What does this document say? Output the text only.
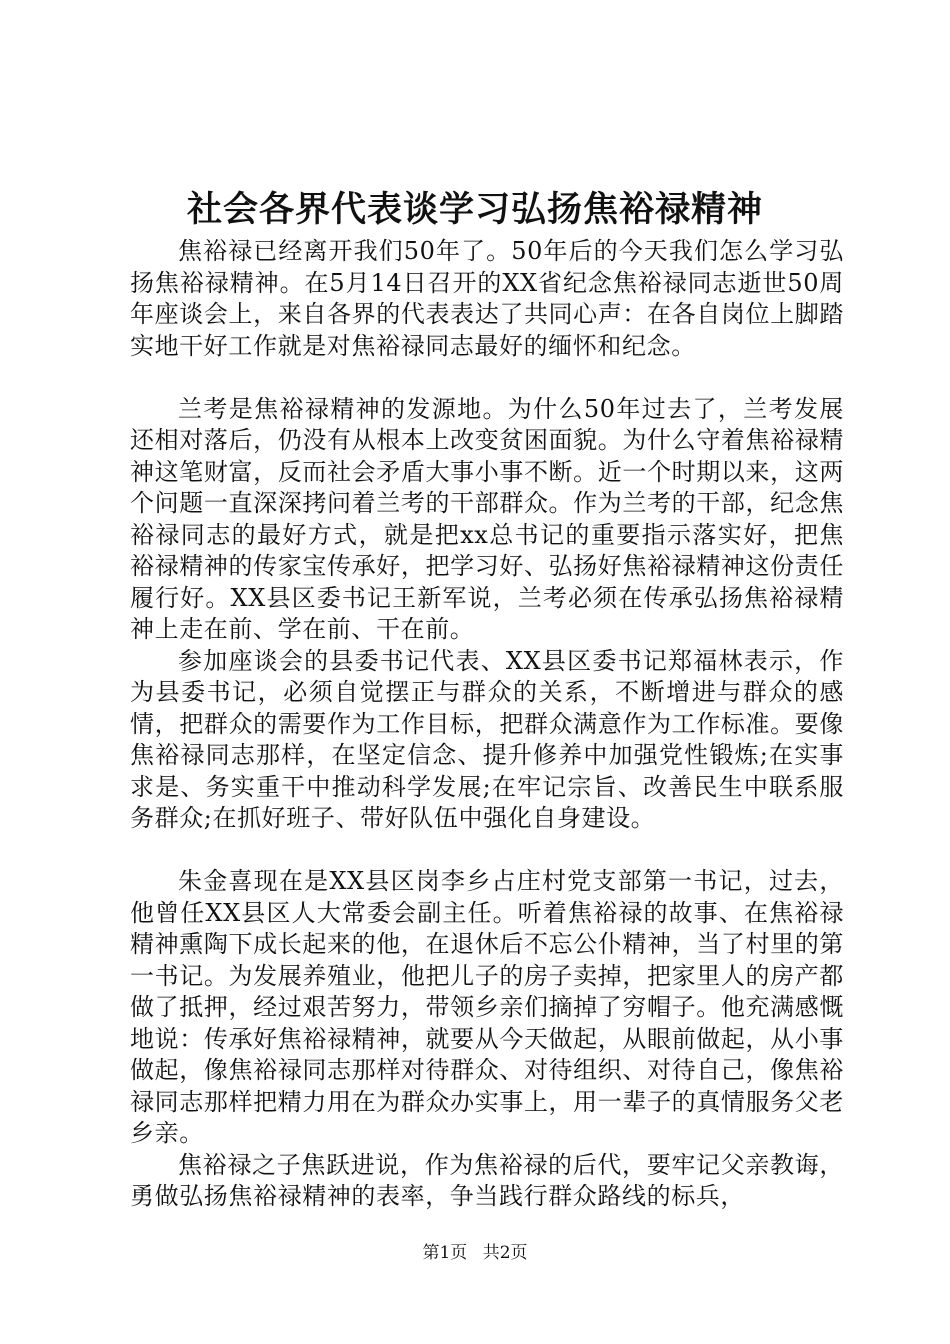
社会各界代表谈学习弘扬焦裕禄精神

焦裕禄已经离开我们50年了。50年后的今天我们怎么学习弘扬焦裕禄精神。在5月14日召开的XX省纪念焦裕禄同志逝世50周年座谈会上，来自各界的代表表达了共同心声：在各自岗位上脚踏实地干好工作就是对焦裕禄同志最好的缅怀和纪念。

兰考是焦裕禄精神的发源地。为什么50年过去了，兰考发展还相对落后，仍没有从根本上改变贫困面貌。为什么守着焦裕禄精神这笔财富，反而社会矛盾大事小事不断。近一个时期以来，这两个问题一直深深拷问着兰考的干部群众。作为兰考的干部，纪念焦裕禄同志的最好方式，就是把xx总书记的重要指示落实好，把焦裕禄精神的传家宝传承好，把学习好、弘扬好焦裕禄精神这份责任履行好。XX县区委书记王新军说，兰考必须在传承弘扬焦裕禄精神上走在前、学在前、干在前。

参加座谈会的县委书记代表、XX县区委书记郑福林表示，作为县委书记，必须自觉摆正与群众的关系，不断增进与群众的感情，把群众的需要作为工作目标，把群众满意作为工作标准。要像焦裕禄同志那样，在坚定信念、提升修养中加强党性锻炼;在实事求是、务实重干中推动科学发展;在牢记宗旨、改善民生中联系服务群众;在抓好班子、带好队伍中强化自身建设。

朱金喜现在是XX县区岗李乡占庄村党支部第一书记，过去，他曾任XX县区人大常委会副主任。听着焦裕禄的故事、在焦裕禄精神熏陶下成长起来的他，在退休后不忘公仆精神，当了村里的第一书记。为发展养殖业，他把儿子的房子卖掉，把家里人的房产都做了抵押，经过艰苦努力，带领乡亲们摘掉了穷帽子。他充满感慨地说：传承好焦裕禄精神，就要从今天做起，从眼前做起，从小事做起，像焦裕禄同志那样对待群众、对待组织、对待自己，像焦裕禄同志那样把精力用在为群众办实事上，用一辈子的真情服务父老乡亲。

焦裕禄之子焦跃进说，作为焦裕禄的后代，要牢记父亲教诲，勇做弘扬焦裕禄精神的表率，争当践行群众路线的标兵，

第1页 共2页
